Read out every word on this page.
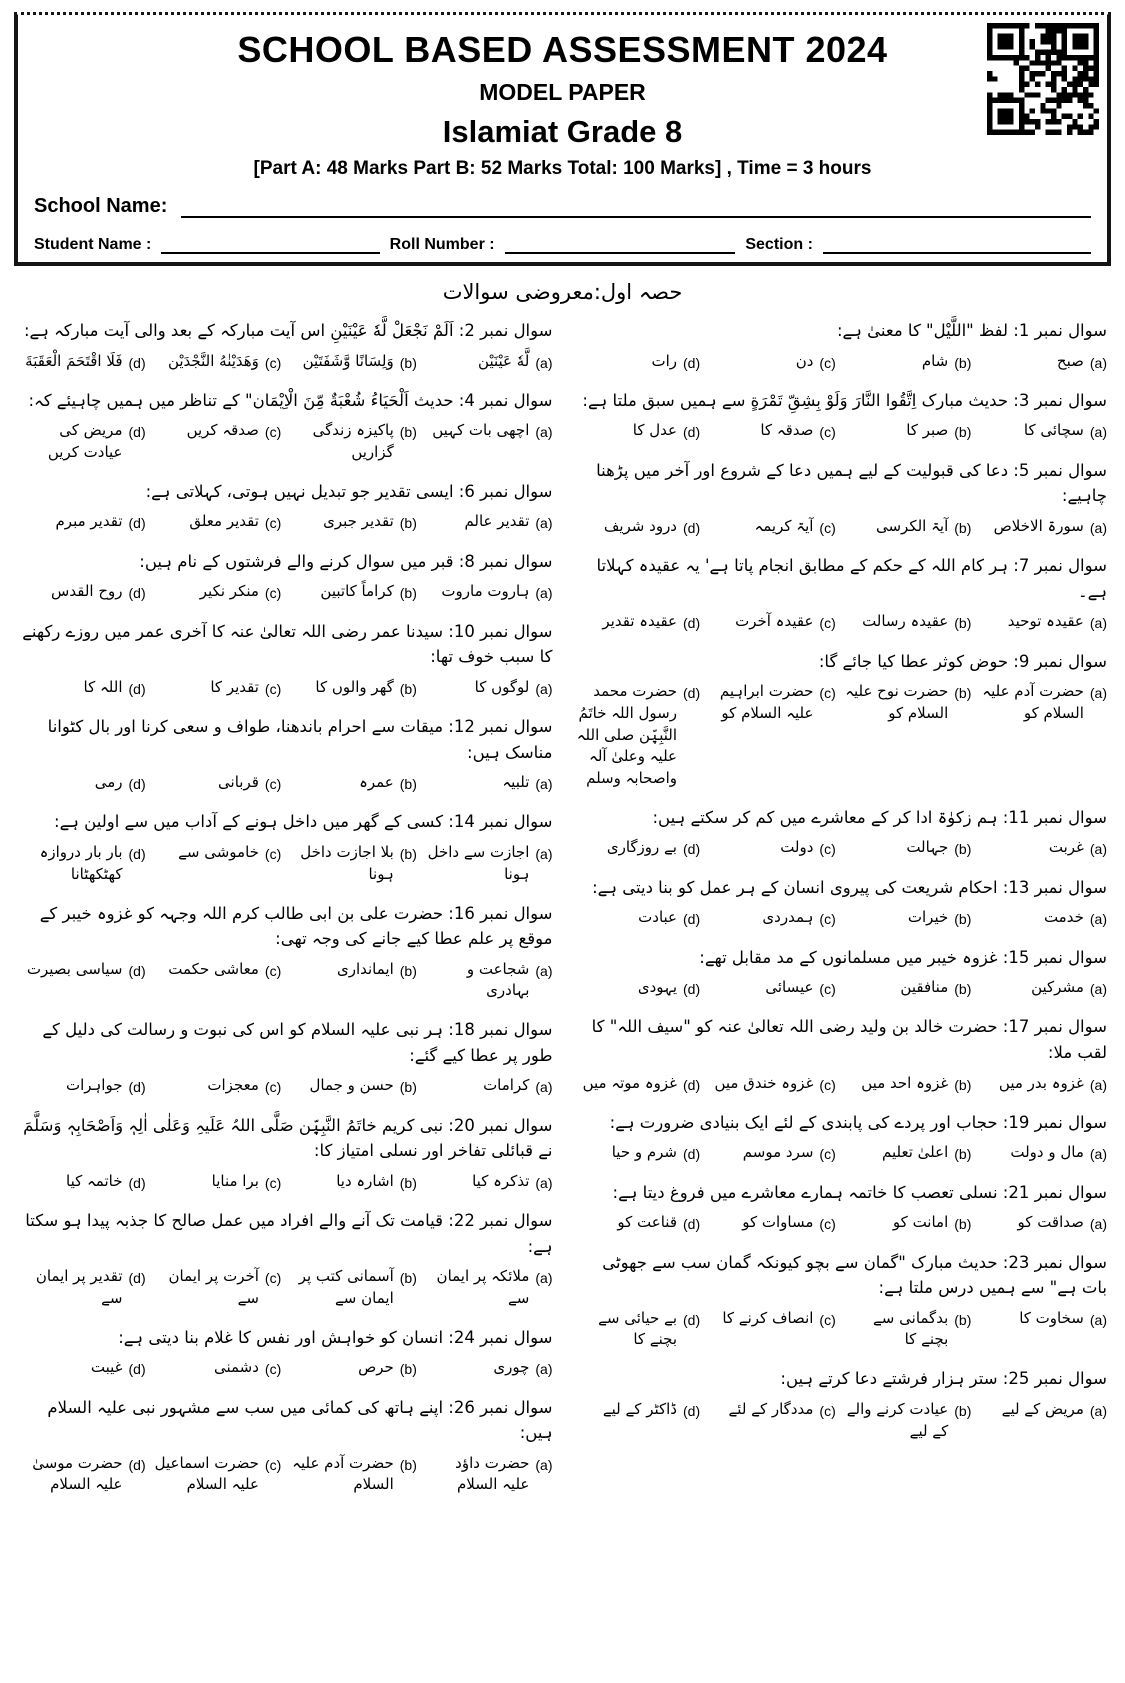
SCHOOL BASED ASSESSMENT 2024
MODEL PAPER
Islamiat Grade 8
[Part A: 48 Marks Part B: 52 Marks Total: 100 Marks] , Time = 3 hours
School Name:
Student Name :	Roll Number :	Section :
حصہ اول:معروضی سوالات
سوال نمبر 2: اَلَمْ نَجْعَلْ لَّهٗ عَیْنَیْنِ اس آیت مبارکہ کے بعد والی آیت مبارکہ ہے:
(a)
لَّهٗ عَیْنَیْن
(b)
وَلِسَانًا وَّشَفَتَیْن
(c)
وَهَدَیْنٰهُ النَّجْدَیْن
(d)
فَلَا اقْتَحَمَ الْعَقَبَةَ
سوال نمبر 4: حدیث اَلْحَیَاءُ شُعْبَةٌ مِّنَ الْاِیْمَان" کے تناظر میں ہمیں چاہیئے کہ:
(a)
اچھی بات کہیں
(b)
پاکیزہ زندگی گزاریں
(c)
صدقہ کریں
(d)
مریض کی عیادت کریں
سوال نمبر 6: ایسی تقدیر جو تبدیل نہیں ہوتی، کہلاتی ہے:
(a)
تقدیر عالم
(b)
تقدیر جبری
(c)
تقدیر معلق
(d)
تقدیر مبرم
سوال نمبر 8: قبر میں سوال کرنے والے فرشتوں کے نام ہیں:
(a)
ہاروت ماروت
(b)
کراماً کاتبین
(c)
منکر نکیر
(d)
روح القدس
سوال نمبر 10: سیدنا عمر رضی اللہ تعالیٰ عنہ کا آخری عمر میں روزے رکھنے کا سبب خوف تھا:
(a)
لوگوں کا
(b)
گھر والوں کا
(c)
تقدیر کا
(d)
اللہ کا
سوال نمبر 12: میقات سے احرام باندھنا، طواف و سعی کرنا اور بال کٹوانا مناسک ہیں:
(a)
تلبیہ
(b)
عمرہ
(c)
قربانی
(d)
رمی
سوال نمبر 14: کسی کے گھر میں داخل ہونے کے آداب میں سے اولین ہے:
(a)
اجازت سے داخل ہونا
(b)
بلا اجازت داخل ہونا
(c)
خاموشی سے
(d)
بار بار دروازہ کھٹکھٹانا
سوال نمبر 16: حضرت علی بن ابی طالب کرم اللہ وجہہ کو غزوہ خیبر کے موقع پر علم عطا کیے جانے کی وجہ تھی:
(a)
شجاعت و بہادری
(b)
ایمانداری
(c)
معاشی حکمت
(d)
سیاسی بصیرت
سوال نمبر 18: ہر نبی علیہ السلام کو اس کی نبوت و رسالت کی دلیل کے طور پر عطا کیے گئے:
(a)
کرامات
(b)
حسن و جمال
(c)
معجزات
(d)
جواہرات
سوال نمبر 20: نبی کریم خاتَمُ النَّبِیّٖن صَلَّی اللہُ عَلَیہِ وَعَلٰی اٰلِہٖ وَاَصْحَابِہٖ وَسَلَّمَ نے قبائلی تفاخر اور نسلی امتیاز کا:
(a)
تذکرہ کیا
(b)
اشارہ دیا
(c)
برا منایا
(d)
خاتمہ کیا
سوال نمبر 22: قیامت تک آنے والے افراد میں عمل صالح کا جذبہ پیدا ہو سکتا ہے:
(a)
ملائکہ پر ایمان سے
(b)
آسمانی کتب پر ایمان سے
(c)
آخرت پر ایمان سے
(d)
تقدیر پر ایمان سے
سوال نمبر 24: انسان کو خواہش اور نفس کا غلام بنا دیتی ہے:
(a)
چوری
(b)
حرص
(c)
دشمنی
(d)
غیبت
سوال نمبر 26: اپنے ہاتھ کی کمائی میں سب سے مشہور نبی علیہ السلام ہیں:
(a)
حضرت داؤد علیہ السلام
(b)
حضرت آدم علیہ السلام
(c)
حضرت اسماعیل علیہ السلام
(d)
حضرت موسیٰ علیہ السلام
سوال نمبر 1: لفظ "اللَّیْل" کا معنیٰ ہے:
(a)
صبح
(b)
شام
(c)
دن
(d)
رات
سوال نمبر 3: حدیث مبارک اِتَّقُوا النَّارَ وَلَوْ بِشِقِّ تَمْرَةٍ سے ہمیں سبق ملتا ہے:
(a)
سچائی کا
(b)
صبر کا
(c)
صدقہ کا
(d)
عدل کا
سوال نمبر 5: دعا کی قبولیت کے لیے ہمیں دعا کے شروع اور آخر میں پڑھنا چاہیے:
(a)
سورۃ الاخلاص
(b)
آیۃ الکرسی
(c)
آیۃ کریمہ
(d)
درود شریف
سوال نمبر 7: ہر کام اللہ کے حکم کے مطابق انجام پاتا ہے' یہ عقیدہ کہلاتا ہے۔
(a)
عقیدہ توحید
(b)
عقیدہ رسالت
(c)
عقیدہ آخرت
(d)
عقیدہ تقدیر
سوال نمبر 9: حوض کوثر عطا کیا جائے گا:
(a)
حضرت آدم علیہ السلام کو
(b)
حضرت نوح علیہ السلام کو
(c)
حضرت ابراہیم علیہ السلام کو
(d)
حضرت محمد رسول اللہ خاتَمُ النَّبِیّٖن صلی اللہ علیہ وعلیٰ آلہ واصحابہ وسلم
سوال نمبر 11: ہم زکوٰۃ ادا کر کے معاشرے میں کم کر سکتے ہیں:
(a)
غربت
(b)
جہالت
(c)
دولت
(d)
بے روزگاری
سوال نمبر 13: احکام شریعت کی پیروی انسان کے ہر عمل کو بنا دیتی ہے:
(a)
خدمت
(b)
خیرات
(c)
ہمدردی
(d)
عبادت
سوال نمبر 15: غزوہ خیبر میں مسلمانوں کے مد مقابل تھے:
(a)
مشرکین
(b)
منافقین
(c)
عیسائی
(d)
یہودی
سوال نمبر 17: حضرت خالد بن ولید رضی اللہ تعالیٰ عنہ کو "سیف اللہ" کا لقب ملا:
(a)
غزوہ بدر میں
(b)
غزوہ احد میں
(c)
غزوہ خندق میں
(d)
غزوہ موتہ میں
سوال نمبر 19: حجاب اور پردے کی پابندی کے لئے ایک بنیادی ضرورت ہے:
(a)
مال و دولت
(b)
اعلیٰ تعلیم
(c)
سرد موسم
(d)
شرم و حیا
سوال نمبر 21: نسلی تعصب کا خاتمہ ہمارے معاشرے میں فروغ دیتا ہے:
(a)
صداقت کو
(b)
امانت کو
(c)
مساوات کو
(d)
قناعت کو
سوال نمبر 23: حدیث مبارک "گمان سے بچو کیونکہ گمان سب سے جھوٹی بات ہے" سے ہمیں درس ملتا ہے:
(a)
سخاوت کا
(b)
بدگمانی سے بچنے کا
(c)
انصاف کرنے کا
(d)
بے حیائی سے بچنے کا
سوال نمبر 25: ستر ہزار فرشتے دعا کرتے ہیں:
(a)
مریض کے لیے
(b)
عیادت کرنے والے کے لیے
(c)
مددگار کے لئے
(d)
ڈاکٹر کے لیے
